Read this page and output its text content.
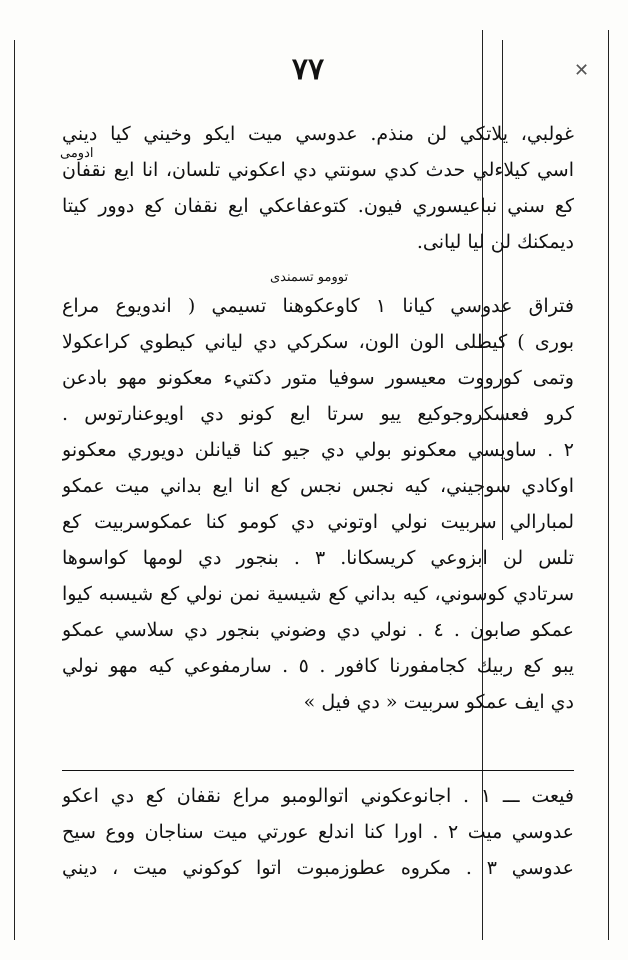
٧٧	✕
غولبي، يلاتكي لن منذم. عدوسي ميت ايكو وخيني كيا ديني
اسي كيلاءلي حدث كدي سونتي دي اعكوني تلسان، انا ايع نقفان
كع سني نباعيسوري فيون. كتوعفاعكي ايع نقفان كع دوور كيتا
ديمكنك لن ليا ليانى.
ادومى
توومو تسمندى
فتراق عدوسي كيانا ١ كاوعكوهنا تسيمي ( اندويوع مراع
بورى ) كيطلى الون الون، سكركي دي لياني كيطوي كراعكولا
وتمى كورووت معيسور سوفيا متور دكتيء معكونو مهو بادعن
كرو فعسكروجوكيع ييو سرتا ايع كونو دي اويوعنارتوس .
٢ . ساويسي معكونو بولي دي جيو كنا قيانلن دويوري معكونو
اوكادي سوجيني، كيه نجس نجس كع انا ايع بداني ميت عمكو
لمبارالي سربيت نولي اوتوني دي كومو كنا عمكوسربيت كع
تلس لن ابزوعي كريسكانا. ٣ . بنجور دي لومها كواسوها
سرتادي كوسوني، كيه بداني كع شيسية نمن نولي كع شيسبه كيوا
عمكو صابون . ٤ . نولي دي وضوني بنجور دي سلاسي عمكو
يبو كع ربيك كجامفورنا كافور . ٥ . سارمفوعي كيه مهو نولي
دي ايف عمكو سربيت « دي فيل »
فيعت ـــ ١ . اجانوعكوني اتوالومبو مراع نقفان كع دي اعكو
عدوسي ميت ٢ . اورا كنا اندلع عورتي ميت سناجان ووع سيح
عدوسي ٣ . مكروه عطوزمبوت اتوا كوكوني ميت ، ديني
